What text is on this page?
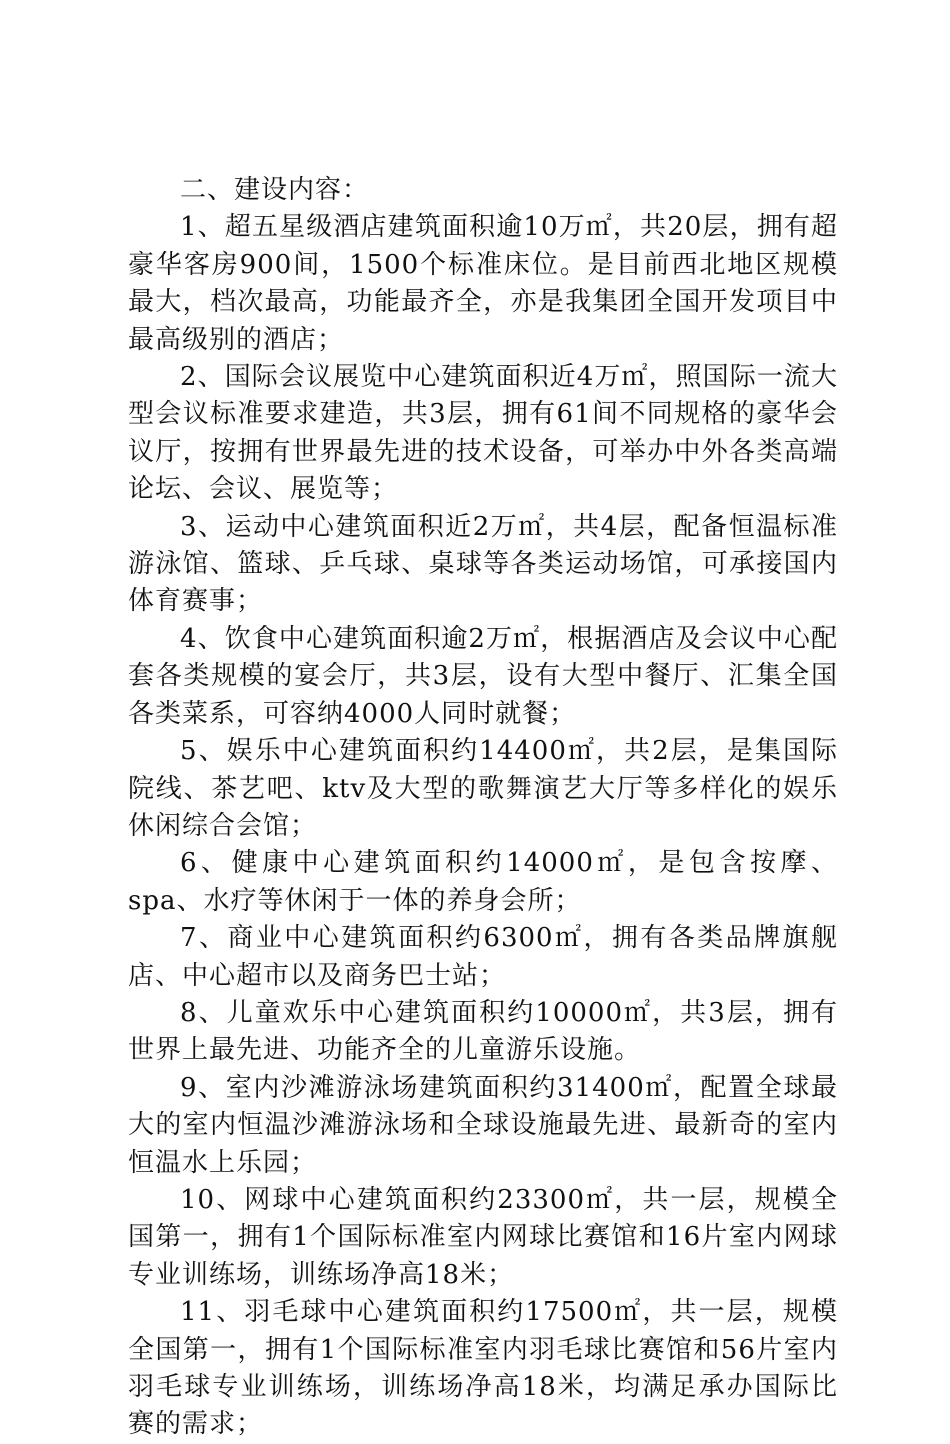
二、建设内容：

1、超五星级酒店建筑面积逾10万㎡，共20层，拥有超豪华客房900间，1500个标准床位。是目前西北地区规模最大，档次最高，功能最齐全，亦是我集团全国开发项目中最高级别的酒店；

2、国际会议展览中心建筑面积近4万㎡，照国际一流大型会议标准要求建造，共3层，拥有61间不同规格的豪华会议厅，按拥有世界最先进的技术设备，可举办中外各类高端论坛、会议、展览等；

3、运动中心建筑面积近2万㎡，共4层，配备恒温标准游泳馆、篮球、乒乓球、桌球等各类运动场馆，可承接国内体育赛事；

4、饮食中心建筑面积逾2万㎡，根据酒店及会议中心配套各类规模的宴会厅，共3层，设有大型中餐厅、汇集全国各类菜系，可容纳4000人同时就餐；

5、娱乐中心建筑面积约14400㎡，共2层，是集国际院线、茶艺吧、ktv及大型的歌舞演艺大厅等多样化的娱乐休闲综合会馆；

6、健康中心建筑面积约14000㎡，是包含按摩、spa、水疗等休闲于一体的养身会所；

7、商业中心建筑面积约6300㎡，拥有各类品牌旗舰店、中心超市以及商务巴士站；

8、儿童欢乐中心建筑面积约10000㎡，共3层，拥有世界上最先进、功能齐全的儿童游乐设施。

9、室内沙滩游泳场建筑面积约31400㎡，配置全球最大的室内恒温沙滩游泳场和全球设施最先进、最新奇的室内恒温水上乐园；

10、网球中心建筑面积约23300㎡，共一层，规模全国第一，拥有1个国际标准室内网球比赛馆和16片室内网球专业训练场，训练场净高18米；

11、羽毛球中心建筑面积约17500㎡，共一层，规模全国第一，拥有1个国际标准室内羽毛球比赛馆和56片室内羽毛球专业训练场，训练场净高18米，均满足承办国际比赛的需求；
